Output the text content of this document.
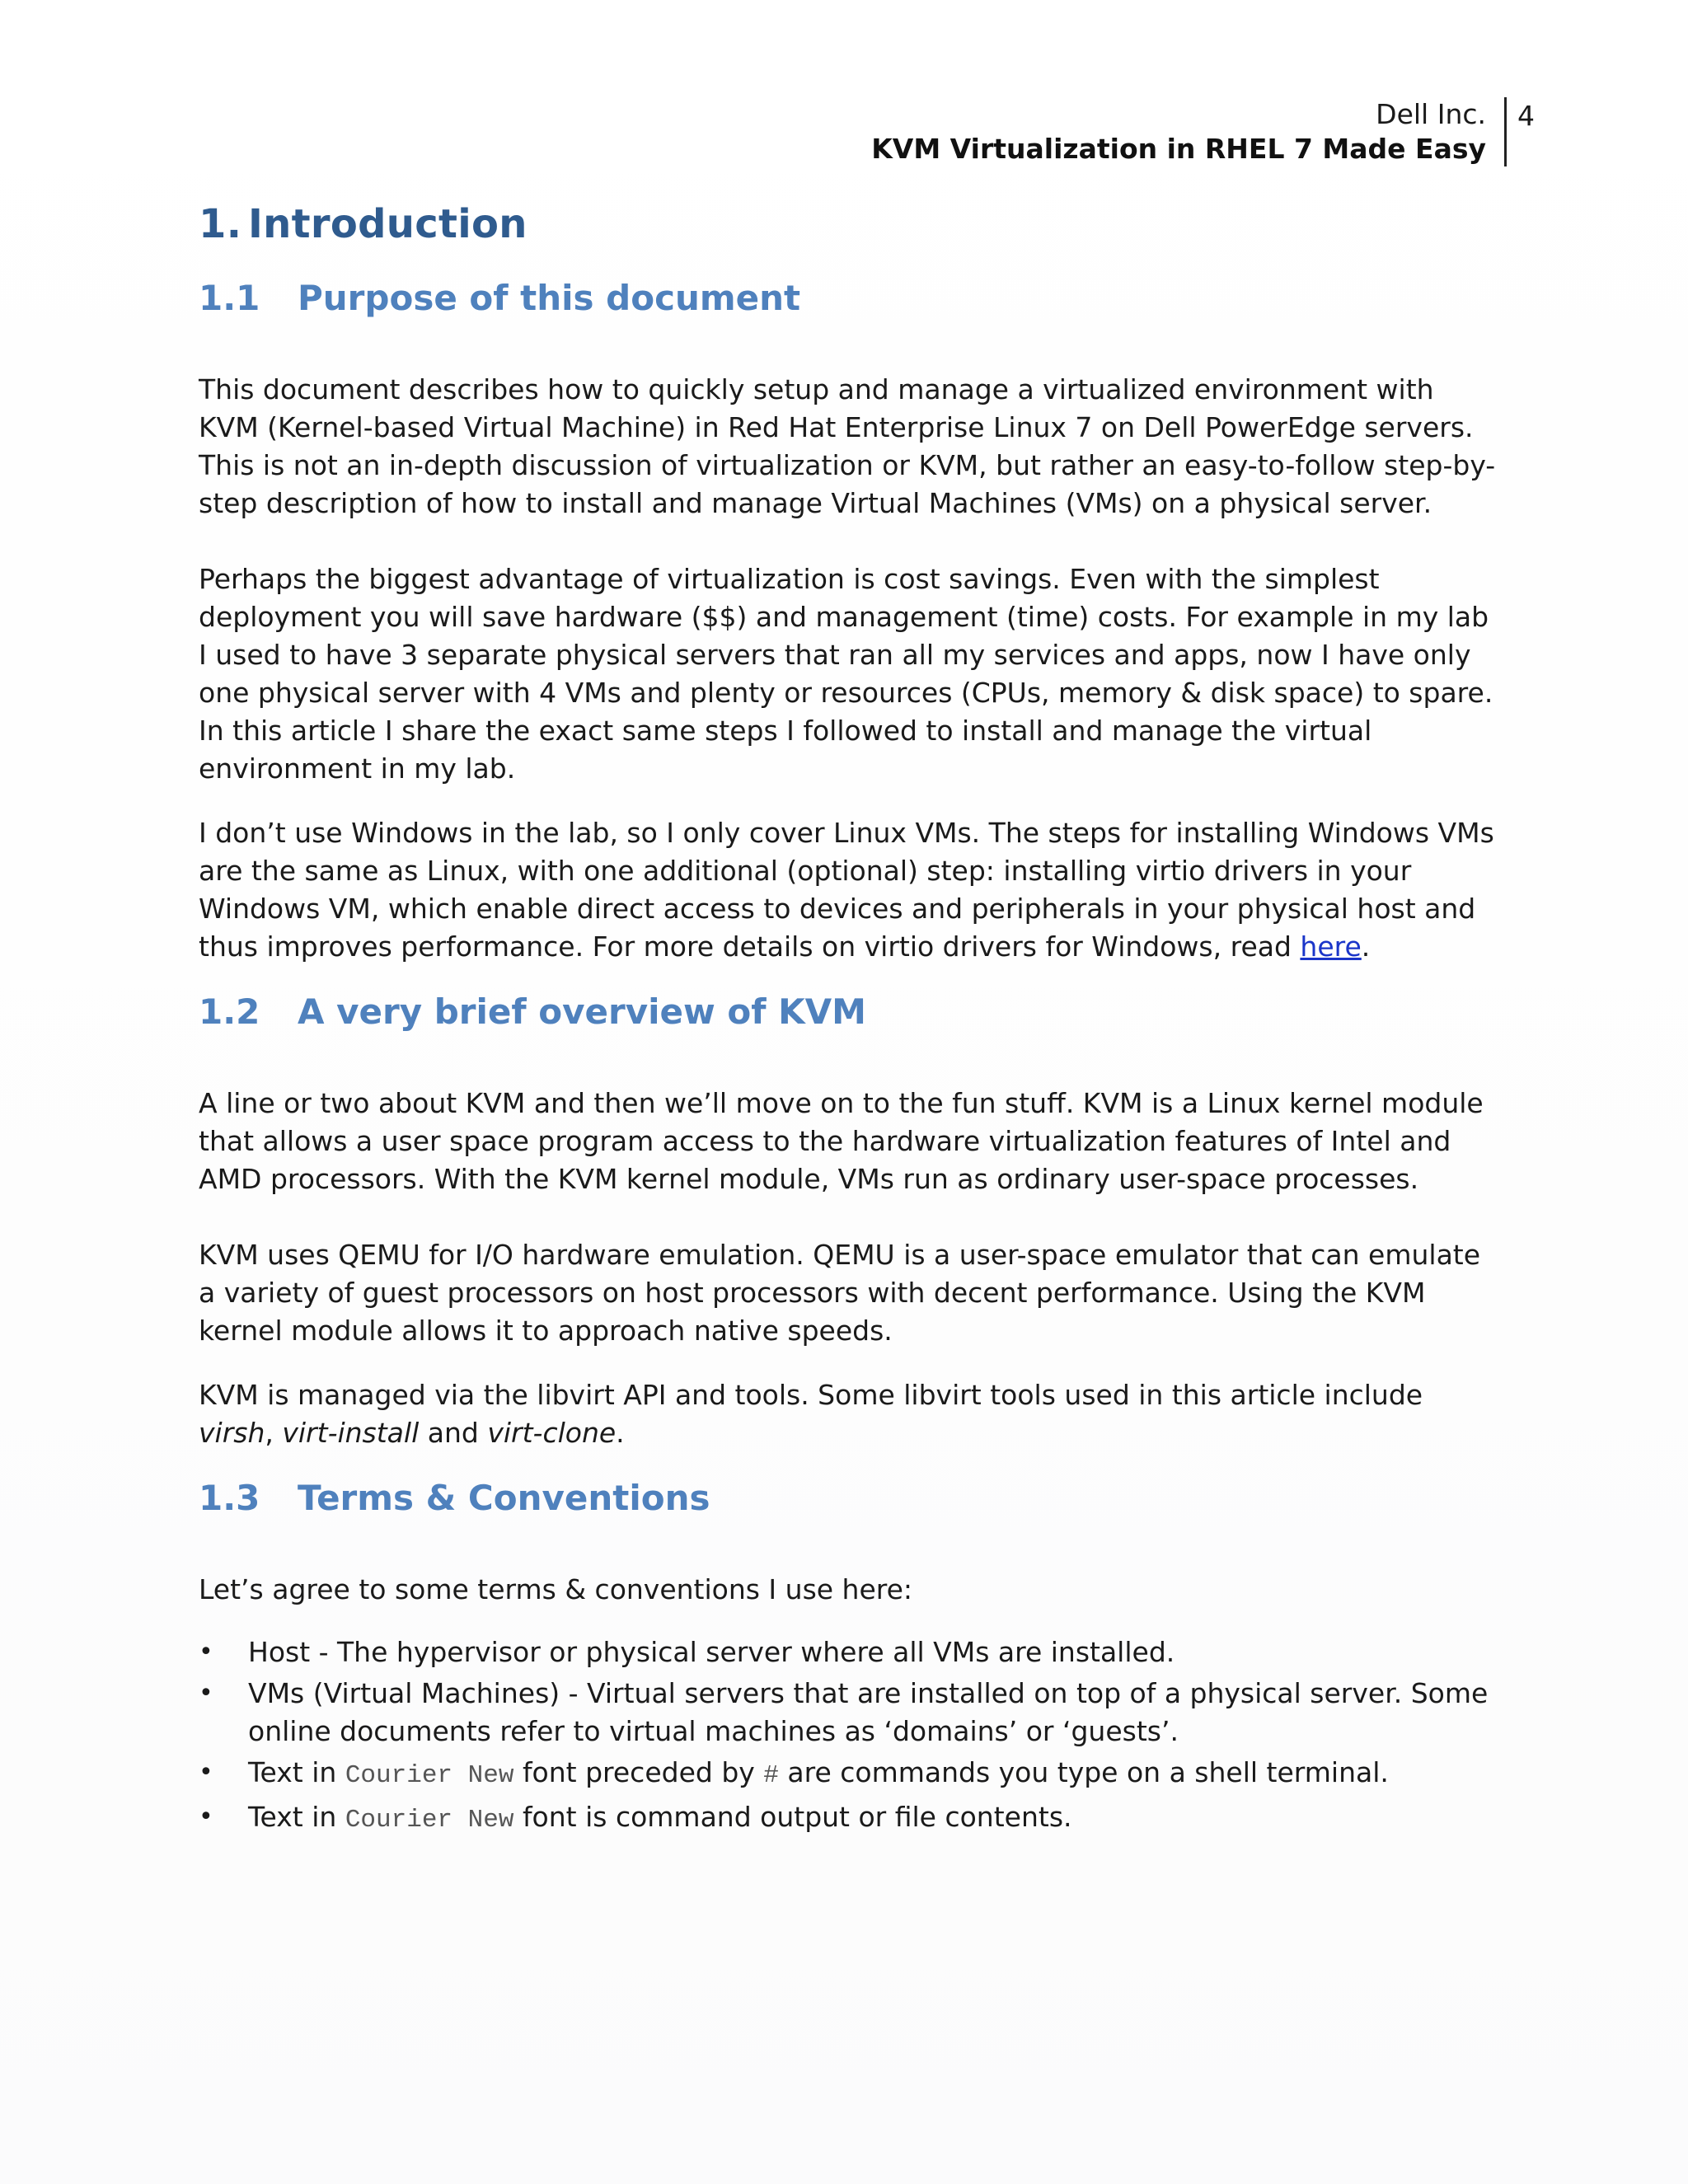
Dell Inc.
KVM Virtualization in RHEL 7 Made Easy
4
1. Introduction
1.1 Purpose of this document

This document describes how to quickly setup and manage a virtualized environment with KVM (Kernel-based Virtual Machine) in Red Hat Enterprise Linux 7 on Dell PowerEdge servers. This is not an in-depth discussion of virtualization or KVM, but rather an easy-to-follow step-by-step description of how to install and manage Virtual Machines (VMs) on a physical server.

Perhaps the biggest advantage of virtualization is cost savings. Even with the simplest deployment you will save hardware ($$) and management (time) costs. For example in my lab I used to have 3 separate physical servers that ran all my services and apps, now I have only one physical server with 4 VMs and plenty or resources (CPUs, memory & disk space) to spare. In this article I share the exact same steps I followed to install and manage the virtual environment in my lab.

I don’t use Windows in the lab, so I only cover Linux VMs. The steps for installing Windows VMs are the same as Linux, with one additional (optional) step: installing virtio drivers in your Windows VM, which enable direct access to devices and peripherals in your physical host and thus improves performance. For more details on virtio drivers for Windows, read here.

1.2 A very brief overview of KVM

A line or two about KVM and then we’ll move on to the fun stuff. KVM is a Linux kernel module that allows a user space program access to the hardware virtualization features of Intel and AMD processors. With the KVM kernel module, VMs run as ordinary user-space processes.

KVM uses QEMU for I/O hardware emulation. QEMU is a user-space emulator that can emulate a variety of guest processors on host processors with decent performance. Using the KVM kernel module allows it to approach native speeds.

KVM is managed via the libvirt API and tools. Some libvirt tools used in this article include virsh, virt-install and virt-clone.

1.3 Terms & Conventions

Let’s agree to some terms & conventions I use here:

•	Host - The hypervisor or physical server where all VMs are installed.
•	VMs (Virtual Machines) - Virtual servers that are installed on top of a physical server. Some online documents refer to virtual machines as ‘domains’ or ‘guests’.
•	Text in Courier New font preceded by # are commands you type on a shell terminal.
•	Text in Courier New font is command output or file contents.
